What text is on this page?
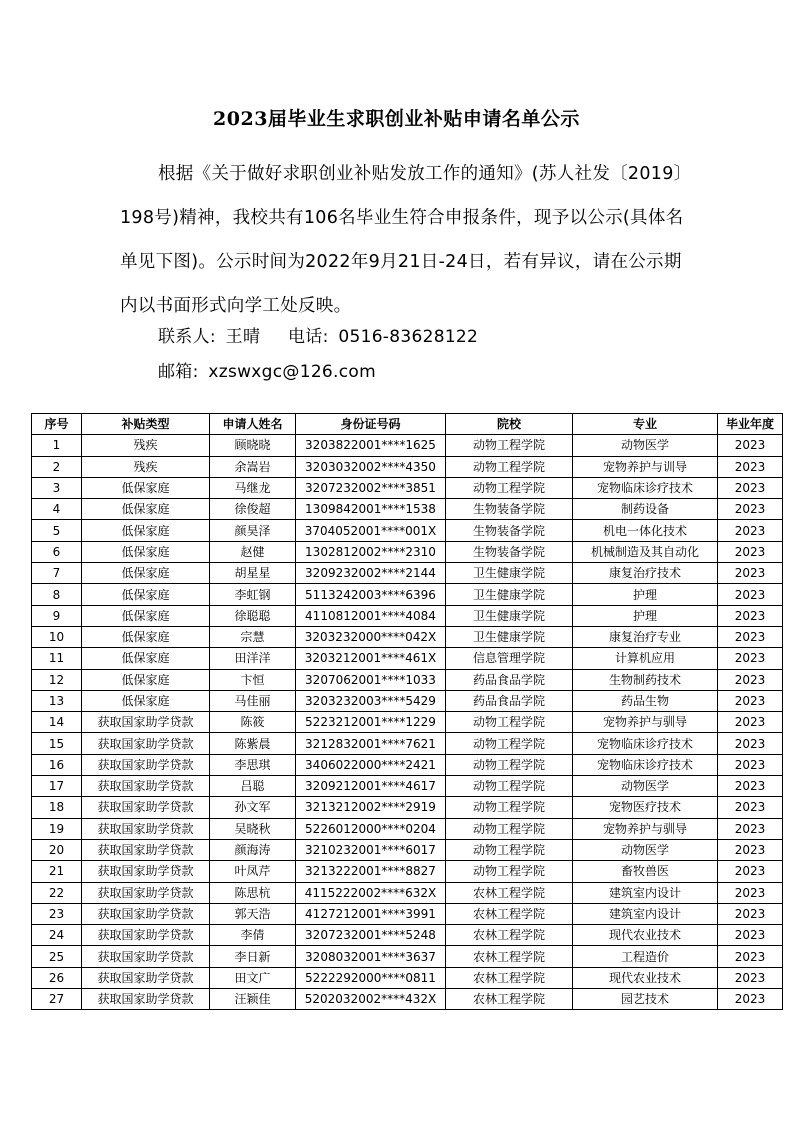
2023届毕业生求职创业补贴申请名单公示
根据《关于做好求职创业补贴发放工作的通知》(苏人社发〔2019〕198号)精神，我校共有106名毕业生符合申报条件，现予以公示(具体名单见下图)。公示时间为2022年9月21日-24日，若有异议，请在公示期内以书面形式向学工处反映。
联系人: 王晴 电话: 0516-83628122
邮箱: xzswxgc@126.com
序号	补贴类型	申请人姓名	身份证号码	院校	专业	毕业年度
1	残疾	顾晓晓	3203822001****1625	动物工程学院	动物医学	2023
2	残疾	余嵩岩	3203032002****4350	动物工程学院	宠物养护与训导	2023
3	低保家庭	马继龙	3207232002****3851	动物工程学院	宠物临床诊疗技术	2023
4	低保家庭	徐俊超	1309842001****1538	生物装备学院	制药设备	2023
5	低保家庭	颜昊泽	3704052001****001X	生物装备学院	机电一体化技术	2023
6	低保家庭	赵健	1302812002****2310	生物装备学院	机械制造及其自动化	2023
7	低保家庭	胡星星	3209232002****2144	卫生健康学院	康复治疗技术	2023
8	低保家庭	李虹钢	5113242003****6396	卫生健康学院	护理	2023
9	低保家庭	徐聪聪	4110812001****4084	卫生健康学院	护理	2023
10	低保家庭	宗慧	3203232000****042X	卫生健康学院	康复治疗专业	2023
11	低保家庭	田洋洋	3203212001****461X	信息管理学院	计算机应用	2023
12	低保家庭	卞恒	3207062001****1033	药品食品学院	生物制药技术	2023
13	低保家庭	马佳丽	3203232003****5429	药品食品学院	药品生物	2023
14	获取国家助学贷款	陈筱	5223212001****1229	动物工程学院	宠物养护与驯导	2023
15	获取国家助学贷款	陈紫晨	3212832001****7621	动物工程学院	宠物临床诊疗技术	2023
16	获取国家助学贷款	李思琪	3406022000****2421	动物工程学院	宠物临床诊疗技术	2023
17	获取国家助学贷款	吕聪	3209212001****4617	动物工程学院	动物医学	2023
18	获取国家助学贷款	孙文军	3213212002****2919	动物工程学院	宠物医疗技术	2023
19	获取国家助学贷款	吴晓秋	5226012000****0204	动物工程学院	宠物养护与驯导	2023
20	获取国家助学贷款	颜海涛	3210232001****6017	动物工程学院	动物医学	2023
21	获取国家助学贷款	叶凤芹	3213222001****8827	动物工程学院	畜牧兽医	2023
22	获取国家助学贷款	陈思杭	4115222002****632X	农林工程学院	建筑室内设计	2023
23	获取国家助学贷款	郭天浩	4127212001****3991	农林工程学院	建筑室内设计	2023
24	获取国家助学贷款	李倩	3207232001****5248	农林工程学院	现代农业技术	2023
25	获取国家助学贷款	李日新	3208032001****3637	农林工程学院	工程造价	2023
26	获取国家助学贷款	田文广	5222292000****0811	农林工程学院	现代农业技术	2023
27	获取国家助学贷款	汪颖佳	5202032002****432X	农林工程学院	园艺技术	2023
